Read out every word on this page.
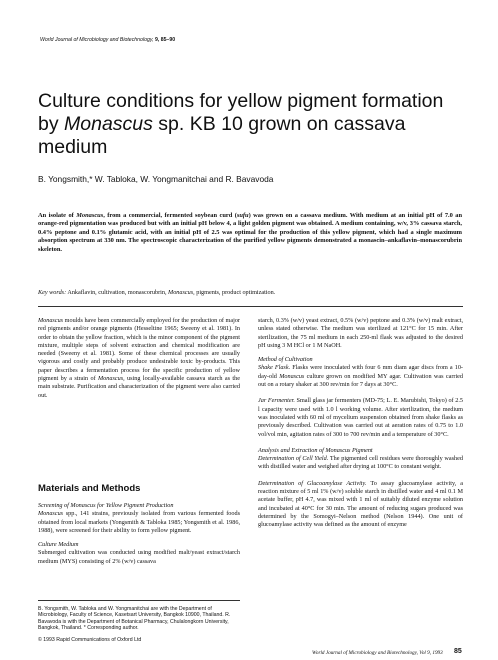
World Journal of Microbiology and Biotechnology, 9, 85–90
Culture conditions for yellow pigment formation by Monascus sp. KB 10 grown on cassava medium
B. Yongsmith,* W. Tabloka, W. Yongmanitchai and R. Bavavoda

An isolate of Monascus, from a commercial, fermented soybean curd (sufu) was grown on a cassava medium. With medium at an initial pH of 7.0 an orange-red pigmentation was produced but with an initial pH below 4, a light golden pigment was obtained. A medium containing, w/v, 3% cassava starch, 0.4% peptone and 0.1% glutamic acid, with an initial pH of 2.5 was optimal for the production of this yellow pigment, which had a single maximum absorption spectrum at 330 nm. The spectroscopic characterization of the purified yellow pigments demonstrated a monascin–ankaflavin–monascorubrin skeleton.

Key words: Ankaflavin, cultivation, monascorubrin, Monascus, pigments, product optimization.

Monascus moulds have been commercially employed for the production of major red pigments and/or orange pigments (Hesseltine 1965; Sweeny et al. 1981). In order to obtain the yellow fraction, which is the minor component of the pigment mixture, multiple steps of solvent extraction and chemical modification are needed (Sweeny et al. 1981). Some of these chemical processes are usually vigorous and costly and probably produce undesirable toxic by-products. This paper describes a fermentation process for the specific production of yellow pigment by a strain of Monascus, using locally-available cassava starch as the main substrate. Purification and characterization of the pigment were also carried out.

Materials and Methods

Screening of Monascus for Yellow Pigment Production

Monascus spp., 141 strains, previously isolated from various fermented foods obtained from local markets (Yongsmith & Tabloka 1985; Yongsmith et al. 1986, 1988), were screened for their ability to form yellow pigment.

Culture Medium

Submerged cultivation was conducted using modified malt/yeast extract/starch medium (MYS) consisting of 2% (w/v) cassava

B. Yongsmith, W. Tabloka and W. Yongmanitchai are with the Department of Microbiology, Faculty of Science, Kasetsart University, Bangkok 10900, Thailand. R. Bavavoda is with the Department of Botanical Pharmacy, Chulalongkorn University, Bangkok, Thailand. * Corresponding author.
© 1993 Rapid Communications of Oxford Ltd

starch, 0.3% (w/v) yeast extract, 0.5% (w/v) peptone and 0.3% (w/v) malt extract, unless stated otherwise. The medium was sterilized at 121°C for 15 min. After sterilization, the 75 ml medium in each 250-ml flask was adjusted to the desired pH using 3 M HCl or 1 M NaOH.

Method of Cultivation

Shake Flask. Flasks were inoculated with four 6 mm diam agar discs from a 10-day-old Monascus culture grown on modified MY agar. Cultivation was carried out on a rotary shaker at 300 rev/min for 7 days at 30°C.

Jar Fermenter. Small glass jar fermenters (MD-75; L. E. Marubishi, Tokyo) of 2.5 l capacity were used with 1.0 l working volume. After sterilization, the medium was inoculated with 60 ml of mycelium suspension obtained from shake flasks as previously described. Cultivation was carried out at aeration rates of 0.75 to 1.0 vol/vol min, agitation rates of 300 to 700 rev/min and a temperature of 30°C.

Analysis and Extraction of Monascus Pigment

Determination of Cell Yield. The pigmented cell residues were thoroughly washed with distilled water and weighed after drying at 100°C to constant weight.

Determination of Glucoamylase Activity. To assay glucoamylase activity, a reaction mixture of 5 ml 1% (w/v) soluble starch in distilled water and 4 ml 0.1 M acetate buffer, pH 4.7, was mixed with 1 ml of suitably diluted enzyme solution and incubated at 40°C for 30 min. The amount of reducing sugars produced was determined by the Somogyi–Nelson method (Nelson 1944). One unit of glucoamylase activity was defined as the amount of enzyme

World Journal of Microbiology and Biotechnology, Vol 9, 1993 85
